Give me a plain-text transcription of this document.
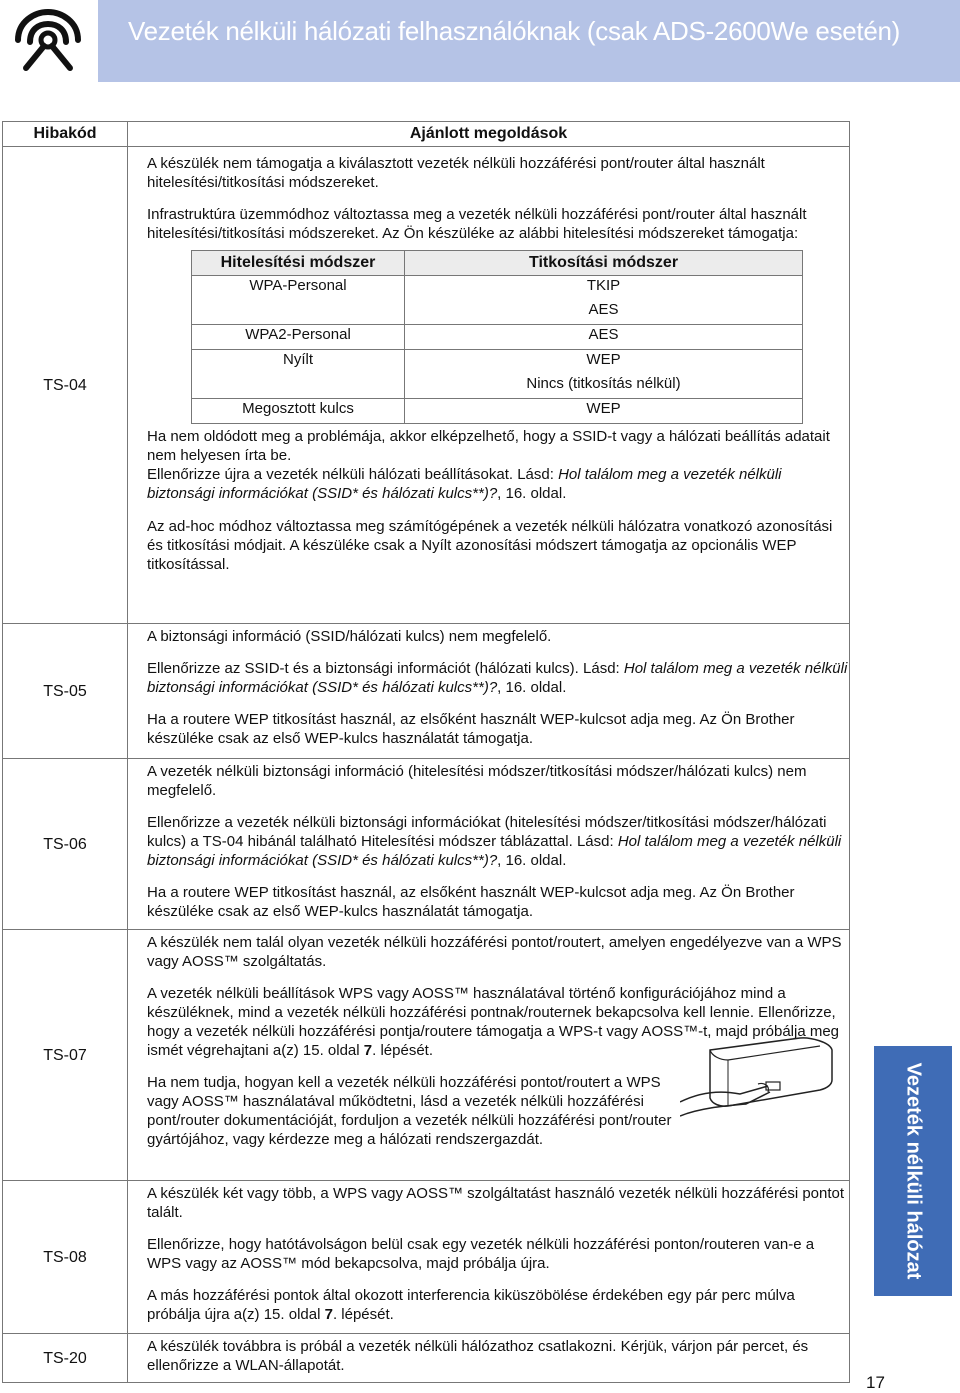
Vezeték nélküli hálózati felhasználóknak (csak ADS-2600We esetén)
Hibakód	Ajánlott megoldások
TS-04	

A készülék nem támogatja a kiválasztott vezeték nélküli hozzáférési pont/router által használt hitelesítési/titkosítási módszereket.

Infrastruktúra üzemmódhoz változtassa meg a vezeték nélküli hozzáférési pont/router által használt hitelesítési/titkosítási módszereket. Az Ön készüléke az alábbi hitelesítési módszereket támogatja:

Hitelesítési módszer	Titkosítási módszer
WPA-Personal	TKIP
AES
WPA2-Personal	AES
Nyílt	WEP
Nincs (titkosítás nélkül)
Megosztott kulcs	WEP

Ha nem oldódott meg a problémája, akkor elképzelhető, hogy a SSID-t vagy a hálózati beállítás adatait nem helyesen írta be.

Ellenőrizze újra a vezeték nélküli hálózati beállításokat. Lásd: Hol találom meg a vezeték nélküli biztonsági információkat (SSID* és hálózati kulcs**)?, 16. oldal.

Az ad-hoc módhoz változtassa meg számítógépének a vezeték nélküli hálózatra vonatkozó azonosítási és titkosítási módjait. A készüléke csak a Nyílt azonosítási módszert támogatja az opcionális WEP titkosítással.

TS-05	

A biztonsági információ (SSID/hálózati kulcs) nem megfelelő.

Ellenőrizze az SSID-t és a biztonsági információt (hálózati kulcs). Lásd: Hol találom meg a vezeték nélküli biztonsági információkat (SSID* és hálózati kulcs**)?, 16. oldal.

Ha a routere WEP titkosítást használ, az elsőként használt WEP-kulcsot adja meg. Az Ön Brother készüléke csak az első WEP-kulcs használatát támogatja.

TS-06	

A vezeték nélküli biztonsági információ (hitelesítési módszer/titkosítási módszer/hálózati kulcs) nem megfelelő.

Ellenőrizze a vezeték nélküli biztonsági információkat (hitelesítési módszer/titkosítási módszer/hálózati kulcs) a TS-04 hibánál található Hitelesítési módszer táblázattal. Lásd: Hol találom meg a vezeték nélküli biztonsági információkat (SSID* és hálózati kulcs**)?, 16. oldal.

Ha a routere WEP titkosítást használ, az elsőként használt WEP-kulcsot adja meg. Az Ön Brother készüléke csak az első WEP-kulcs használatát támogatja.

TS-07	

A készülék nem talál olyan vezeték nélküli hozzáférési pontot/routert, amelyen engedélyezve van a WPS vagy AOSS™ szolgáltatás.

A vezeték nélküli beállítások WPS vagy AOSS™ használatával történő konfigurációjához mind a készüléknek, mind a vezeték nélküli hozzáférési pontnak/routernek bekapcsolva kell lennie. Ellenőrizze, hogy a vezeték nélküli hozzáférési pontja/routere támogatja a WPS-t vagy AOSS™-t, majd próbálja meg ismét végrehajtani a(z) 15. oldal 7. lépését.

Ha nem tudja, hogyan kell a vezeték nélküli hozzáférési pontot/routert a WPS vagy AOSS™ használatával működtetni, lásd a vezeték nélküli hozzáférési pont/router dokumentációját, forduljon a vezeték nélküli hozzáférési pont/router gyártójához, vagy kérdezze meg a hálózati rendszergazdát.

TS-08	

A készülék két vagy több, a WPS vagy AOSS™ szolgáltatást használó vezeték nélküli hozzáférési pontot talált.

Ellenőrizze, hogy hatótávolságon belül csak egy vezeték nélküli hozzáférési ponton/routeren van-e a WPS vagy az AOSS™ mód bekapcsolva, majd próbálja újra.

A más hozzáférési pontok által okozott interferencia kiküszöbölése érdekében egy pár perc múlva próbálja újra a(z) 15. oldal 7. lépését.

TS-20	

A készülék továbbra is próbál a vezeték nélküli hálózathoz csatlakozni. Kérjük, várjon pár percet, és ellenőrizze a WLAN-állapotát.

Vezeték nélküli hálózat
17
